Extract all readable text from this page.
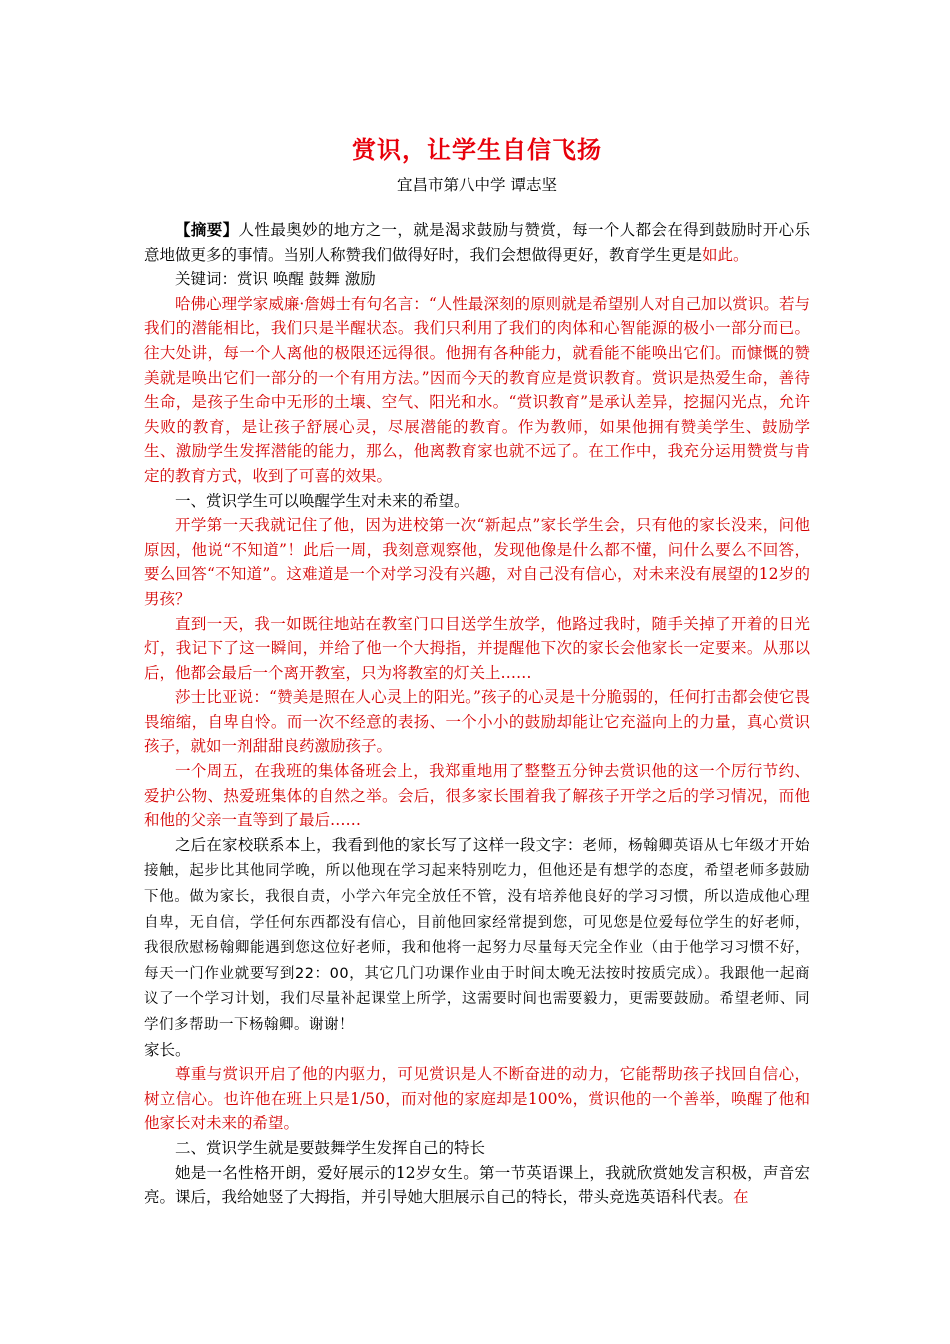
赏识，让学生自信飞扬
宜昌市第八中学 谭志坚

【摘要】人性最奥妙的地方之一，就是渴求鼓励与赞赏，每一个人都会在得到鼓励时开心乐意地做更多的事情。当别人称赞我们做得好时，我们会想做得更好，教育学生更是如此。

关键词：赏识 唤醒 鼓舞 激励

哈佛心理学家威廉·詹姆士有句名言：“人性最深刻的原则就是希望别人对自己加以赏识。若与我们的潜能相比，我们只是半醒状态。我们只利用了我们的肉体和心智能源的极小一部分而已。往大处讲，每一个人离他的极限还远得很。他拥有各种能力，就看能不能唤出它们。而慷慨的赞美就是唤出它们一部分的一个有用方法。”因而今天的教育应是赏识教育。赏识是热爱生命，善待生命，是孩子生命中无形的土壤、空气、阳光和水。“赏识教育”是承认差异，挖掘闪光点，允许失败的教育，是让孩子舒展心灵，尽展潜能的教育。作为教师，如果他拥有赞美学生、鼓励学生、激励学生发挥潜能的能力，那么，他离教育家也就不远了。在工作中，我充分运用赞赏与肯定的教育方式，收到了可喜的效果。

一、赏识学生可以唤醒学生对未来的希望。

开学第一天我就记住了他，因为进校第一次“新起点”家长学生会，只有他的家长没来，问他原因，他说“不知道”！此后一周，我刻意观察他，发现他像是什么都不懂，问什么要么不回答，要么回答“不知道”。这难道是一个对学习没有兴趣，对自己没有信心，对未来没有展望的12岁的男孩？

直到一天，我一如既往地站在教室门口目送学生放学，他路过我时，随手关掉了开着的日光灯，我记下了这一瞬间，并给了他一个大拇指，并提醒他下次的家长会他家长一定要来。从那以后，他都会最后一个离开教室，只为将教室的灯关上……

莎士比亚说：“赞美是照在人心灵上的阳光。”孩子的心灵是十分脆弱的，任何打击都会使它畏畏缩缩，自卑自怜。而一次不经意的表扬、一个小小的鼓励却能让它充溢向上的力量，真心赏识孩子，就如一剂甜甜良药激励孩子。

一个周五，在我班的集体备班会上，我郑重地用了整整五分钟去赏识他的这一个厉行节约、爱护公物、热爱班集体的自然之举。会后，很多家长围着我了解孩子开学之后的学习情况，而他和他的父亲一直等到了最后……

之后在家校联系本上，我看到他的家长写了这样一段文字：老师，杨翰卿英语从七年级才开始接触，起步比其他同学晚，所以他现在学习起来特别吃力，但他还是有想学的态度，希望老师多鼓励下他。做为家长，我很自责，小学六年完全放任不管，没有培养他良好的学习习惯，所以造成他心理自卑，无自信，学任何东西都没有信心，目前他回家经常提到您，可见您是位爱每位学生的好老师，我很欣慰杨翰卿能遇到您这位好老师，我和他将一起努力尽量每天完全作业（由于他学习习惯不好，每天一门作业就要写到22：00，其它几门功课作业由于时间太晚无法按时按质完成）。我跟他一起商议了一个学习计划，我们尽量补起课堂上所学，这需要时间也需要毅力，更需要鼓励。希望老师、同学们多帮助一下杨翰卿。谢谢！

家长。

尊重与赏识开启了他的内驱力，可见赏识是人不断奋进的动力，它能帮助孩子找回自信心，树立信心。也许他在班上只是1/50，而对他的家庭却是100%，赏识他的一个善举，唤醒了他和他家长对未来的希望。

二、赏识学生就是要鼓舞学生发挥自己的特长

她是一名性格开朗，爱好展示的12岁女生。第一节英语课上，我就欣赏她发言积极，声音宏亮。课后，我给她竖了大拇指，并引导她大胆展示自己的特长，带头竞选英语科代表。在
